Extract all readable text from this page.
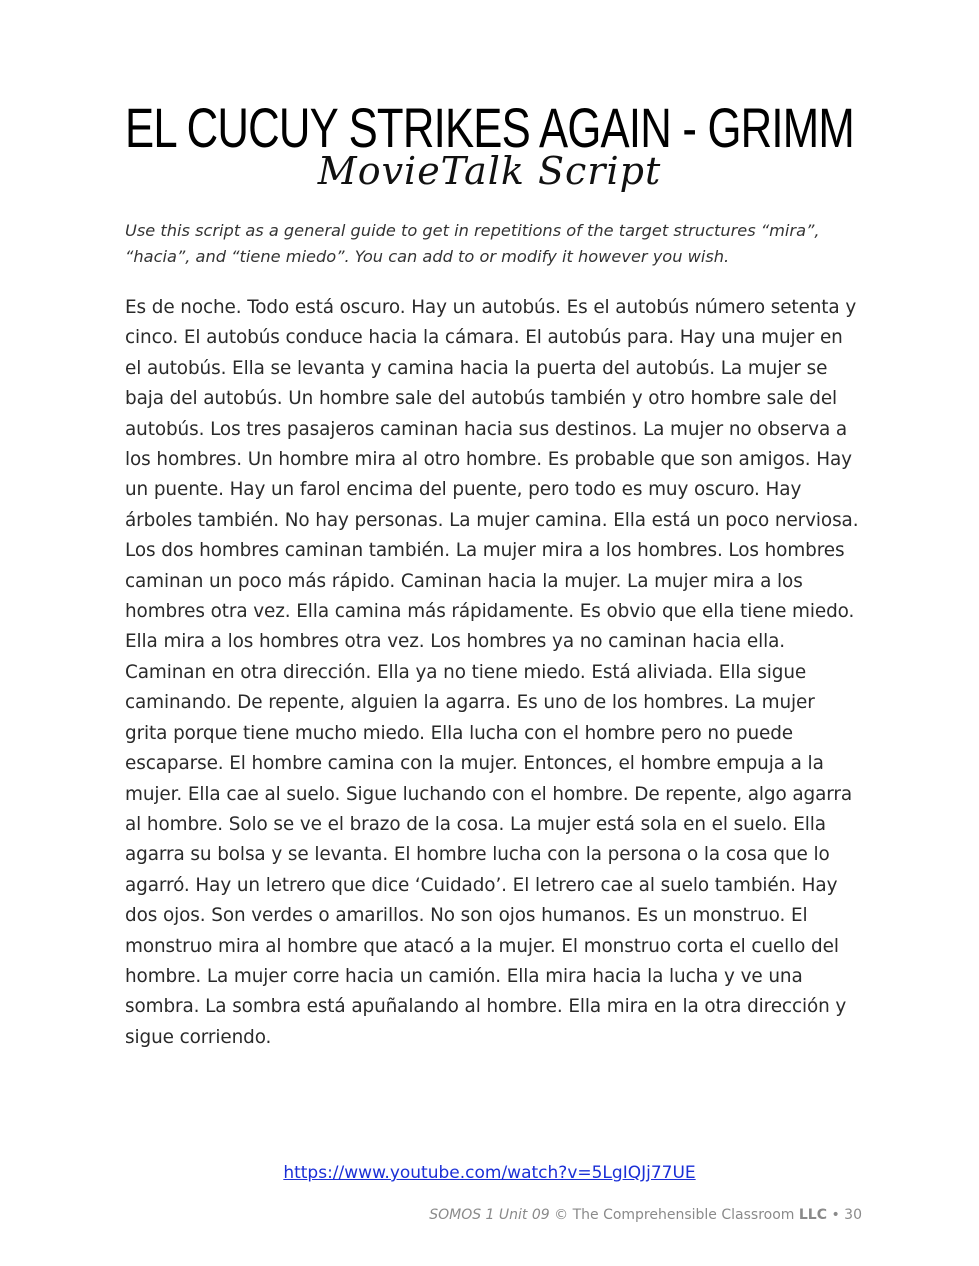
EL CUCUY STRIKES AGAIN - GRIMM
MovieTalk Script

Use this script as a general guide to get in repetitions of the target structures “mira”, “hacia”, and “tiene miedo”. You can add to or modify it however you wish.

Es de noche. Todo está oscuro. Hay un autobús. Es el autobús número setenta y cinco. El autobús conduce hacia la cámara. El autobús para. Hay una mujer en el autobús. Ella se levanta y camina hacia la puerta del autobús. La mujer se baja del autobús. Un hombre sale del autobús también y otro hombre sale del autobús. Los tres pasajeros caminan hacia sus destinos. La mujer no observa a los hombres. Un hombre mira al otro hombre. Es probable que son amigos. Hay un puente. Hay un farol encima del puente, pero todo es muy oscuro. Hay árboles también. No hay personas. La mujer camina. Ella está un poco nerviosa. Los dos hombres caminan también. La mujer mira a los hombres. Los hombres caminan un poco más rápido. Caminan hacia la mujer. La mujer mira a los hombres otra vez. Ella camina más rápidamente. Es obvio que ella tiene miedo. Ella mira a los hombres otra vez. Los hombres ya no caminan hacia ella. Caminan en otra dirección. Ella ya no tiene miedo. Está aliviada. Ella sigue caminando. De repente, alguien la agarra. Es uno de los hombres. La mujer grita porque tiene mucho miedo. Ella lucha con el hombre pero no puede escaparse. El hombre camina con la mujer. Entonces, el hombre empuja a la mujer. Ella cae al suelo. Sigue luchando con el hombre. De repente, algo agarra al hombre. Solo se ve el brazo de la cosa. La mujer está sola en el suelo. Ella agarra su bolsa y se levanta. El hombre lucha con la persona o la cosa que lo agarró. Hay un letrero que dice ‘Cuidado’. El letrero cae al suelo también. Hay dos ojos. Son verdes o amarillos. No son ojos humanos. Es un monstruo. El monstruo mira al hombre que atacó a la mujer. El monstruo corta el cuello del hombre. La mujer corre hacia un camión. Ella mira hacia la lucha y ve una sombra. La sombra está apuñalando al hombre. Ella mira en la otra dirección y sigue corriendo.

https://www.youtube.com/watch?v=5LgIQJj77UE
SOMOS 1 Unit 09 © The Comprehensible Classroom LLC • 30
